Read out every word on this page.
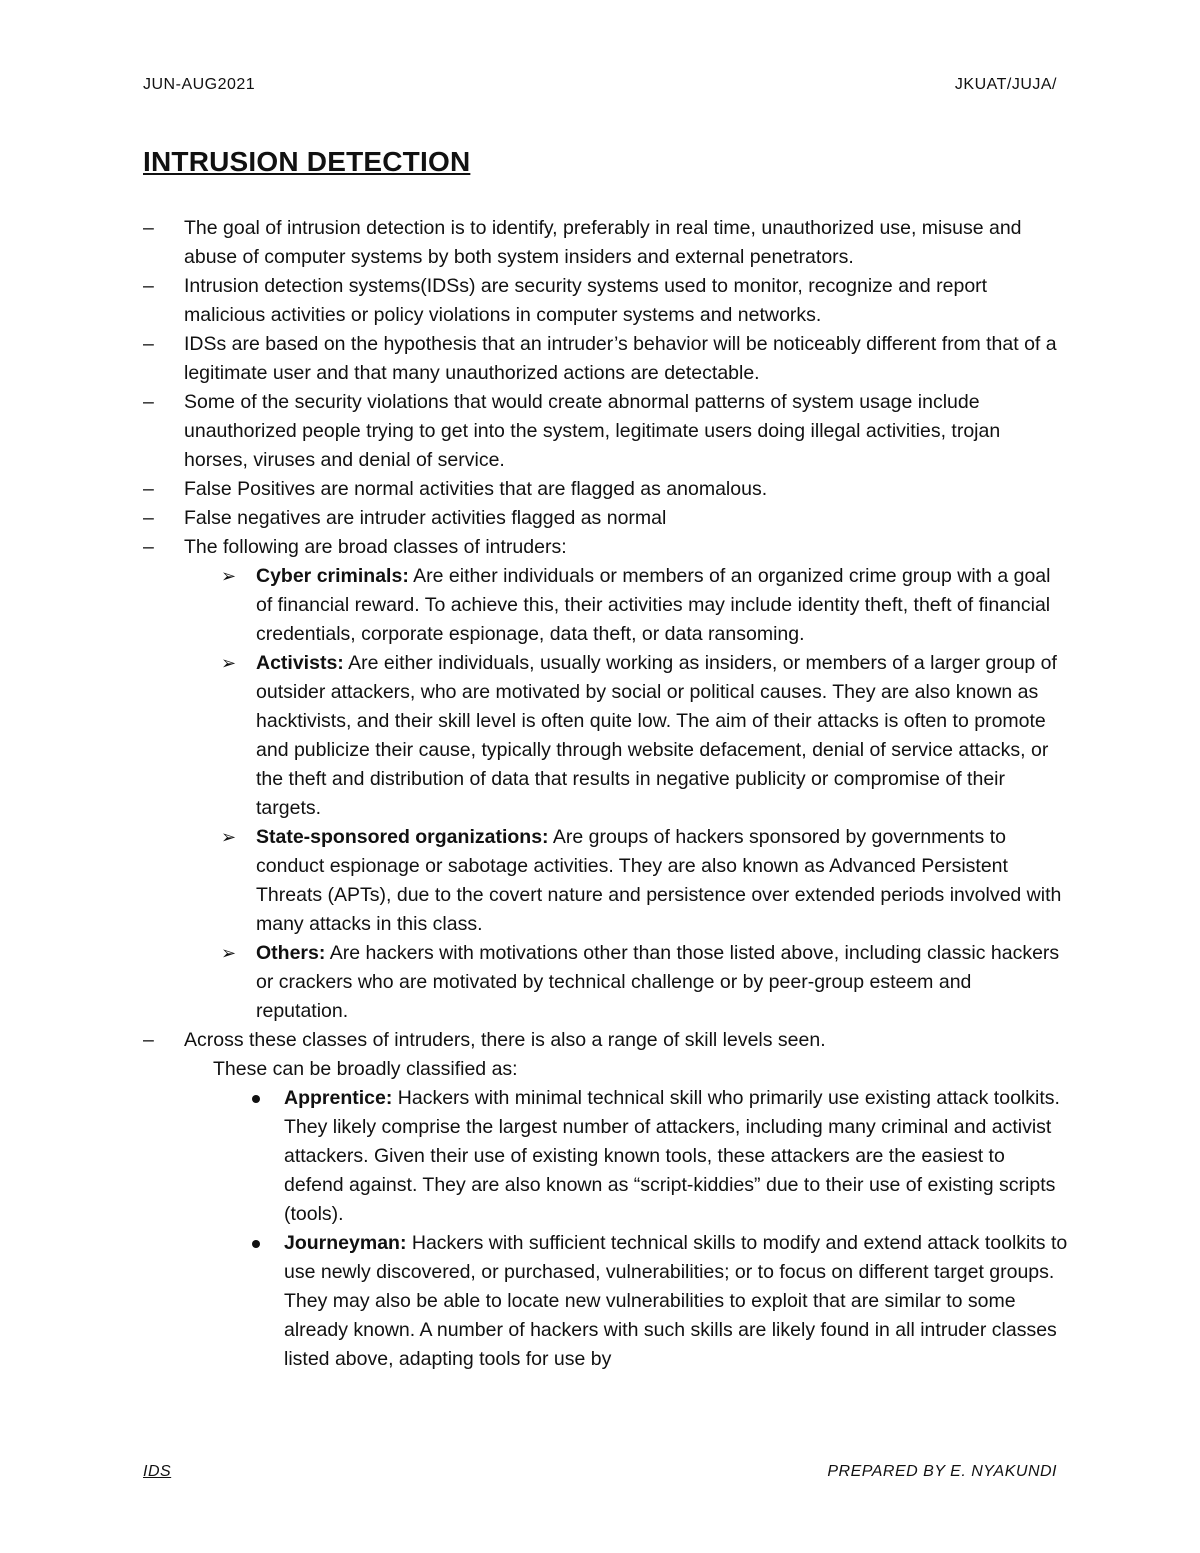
JUN-AUG2021	JKUAT/JUJA/
INTRUSION DETECTION
– The goal of intrusion detection is to identify, preferably in real time, unauthorized use, misuse and abuse of computer systems by both system insiders and external penetrators.
– Intrusion detection systems(IDSs) are security systems used to monitor, recognize and report malicious activities or policy violations in computer systems and networks.
– IDSs are based on the hypothesis that an intruder’s behavior will be noticeably different from that of a legitimate user and that many unauthorized actions are detectable.
– Some of the security violations that would create abnormal patterns of system usage include unauthorized people trying to get into the system, legitimate users doing illegal activities, trojan horses, viruses and denial of service.
– False Positives are normal activities that are flagged as anomalous.
– False negatives are intruder activities flagged as normal
– The following are broad classes of intruders:
➢ Cyber criminals: Are either individuals or members of an organized crime group with a goal of financial reward. To achieve this, their activities may include identity theft, theft of financial credentials, corporate espionage, data theft, or data ransoming.
➢ Activists: Are either individuals, usually working as insiders, or members of a larger group of outsider attackers, who are motivated by social or political causes. They are also known as hacktivists, and their skill level is often quite low. The aim of their attacks is often to promote and publicize their cause, typically through website defacement, denial of service attacks, or the theft and distribution of data that results in negative publicity or compromise of their targets.
➢ State-sponsored organizations: Are groups of hackers sponsored by governments to conduct espionage or sabotage activities. They are also known as Advanced Persistent Threats (APTs), due to the covert nature and persistence over extended periods involved with many attacks in this class.
➢ Others: Are hackers with motivations other than those listed above, including classic hackers or crackers who are motivated by technical challenge or by peer-group esteem and reputation.
– Across these classes of intruders, there is also a range of skill levels seen.
These can be broadly classified as:
Apprentice: Hackers with minimal technical skill who primarily use existing attack toolkits. They likely comprise the largest number of attackers, including many criminal and activist attackers. Given their use of existing known tools, these attackers are the easiest to defend against. They are also known as “script-kiddies” due to their use of existing scripts (tools).
Journeyman: Hackers with sufficient technical skills to modify and extend attack toolkits to use newly discovered, or purchased, vulnerabilities; or to focus on different target groups. They may also be able to locate new vulnerabilities to exploit that are similar to some already known. A number of hackers with such skills are likely found in all intruder classes listed above, adapting tools for use by
IDS	PREPARED BY E. NYAKUNDI
